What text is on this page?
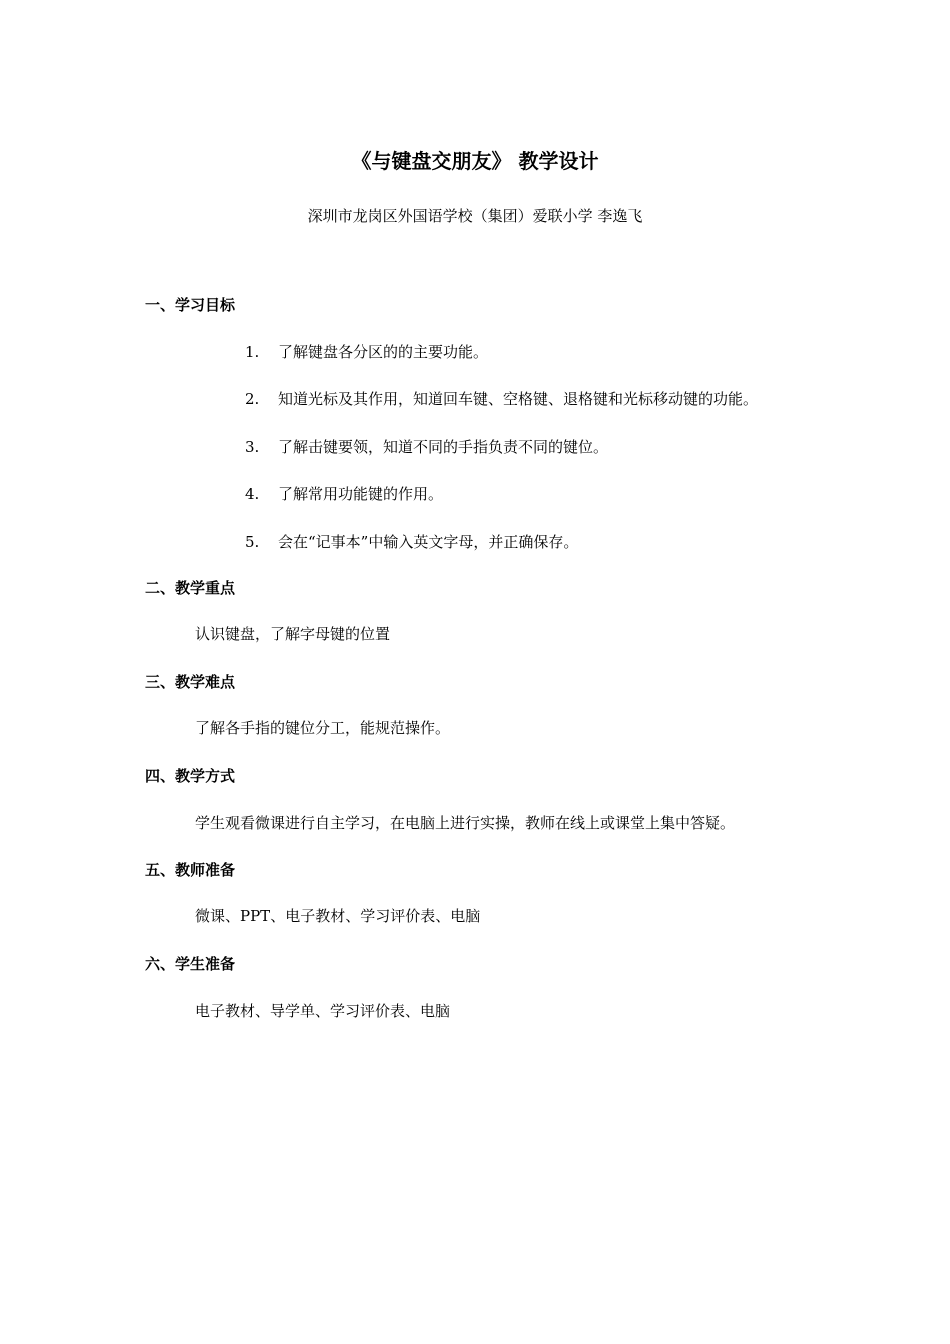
《与键盘交朋友》 教学设计
深圳市龙岗区外国语学校（集团）爱联小学 李逸飞
一、学习目标
1. 了解键盘各分区的的主要功能。
2. 知道光标及其作用，知道回车键、空格键、退格键和光标移动键的功能。
3. 了解击键要领，知道不同的手指负责不同的键位。
4. 了解常用功能键的作用。
5. 会在“记事本”中输入英文字母，并正确保存。
二、教学重点
认识键盘，了解字母键的位置
三、教学难点
了解各手指的键位分工，能规范操作。
四、教学方式
学生观看微课进行自主学习，在电脑上进行实操，教师在线上或课堂上集中答疑。
五、教师准备
微课、PPT、电子教材、学习评价表、电脑
六、学生准备
电子教材、导学单、学习评价表、电脑
